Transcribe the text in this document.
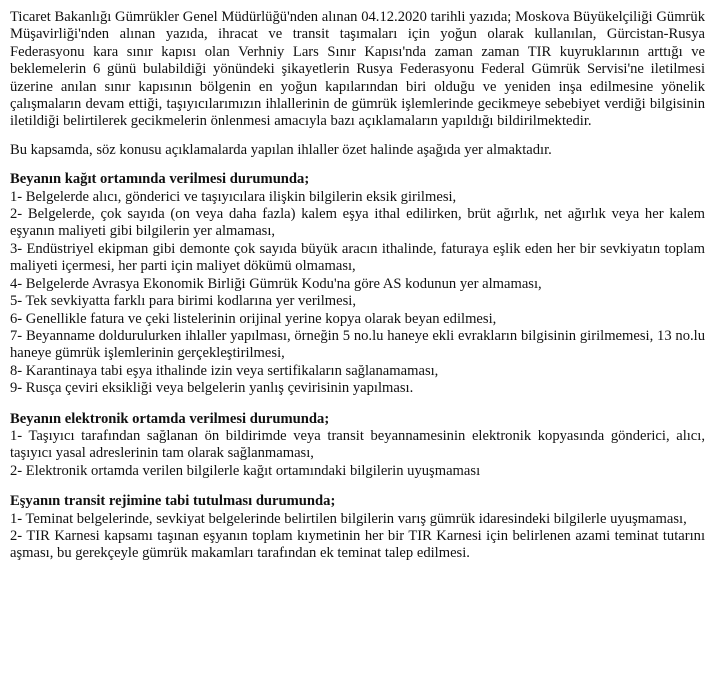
Ticaret Bakanlığı Gümrükler Genel Müdürlüğü'nden alınan 04.12.2020 tarihli yazıda; Moskova Büyükelçiliği Gümrük Müşavirliği'nden alınan yazıda, ihracat ve transit taşımaları için yoğun olarak kullanılan, Gürcistan-Rusya Federasyonu kara sınır kapısı olan Verhniy Lars Sınır Kapısı'nda zaman zaman TIR kuyruklarının arttığı ve beklemelerin 6 günü bulabildiği yönündeki şikayetlerin Rusya Federasyonu Federal Gümrük Servisi'ne iletilmesi üzerine anılan sınır kapısının bölgenin en yoğun kapılarından biri olduğu ve yeniden inşa edilmesine yönelik çalışmaların devam ettiği, taşıyıcılarımızın ihlallerinin de gümrük işlemlerinde gecikmeye sebebiyet verdiği bilgisinin iletildiği belirtilerek gecikmelerin önlenmesi amacıyla bazı açıklamaların yapıldığı bildirilmektedir.

Bu kapsamda, söz konusu açıklamalarda yapılan ihlaller özet halinde aşağıda yer almaktadır.

Beyanın kağıt ortamında verilmesi durumunda;

1- Belgelerde alıcı, gönderici ve taşıyıcılara ilişkin bilgilerin eksik girilmesi,
2- Belgelerde, çok sayıda (on veya daha fazla) kalem eşya ithal edilirken, brüt ağırlık, net ağırlık veya her kalem eşyanın maliyeti gibi bilgilerin yer almaması,
3- Endüstriyel ekipman gibi demonte çok sayıda büyük aracın ithalinde, faturaya eşlik eden her bir sevkiyatın toplam maliyeti içermesi, her parti için maliyet dökümü olmaması,
4- Belgelerde Avrasya Ekonomik Birliği Gümrük Kodu'na göre AS kodunun yer almaması,
5- Tek sevkiyatta farklı para birimi kodlarına yer verilmesi,
6- Genellikle fatura ve çeki listelerinin orijinal yerine kopya olarak beyan edilmesi,
7- Beyanname doldurulurken ihlaller yapılması, örneğin 5 no.lu haneye ekli evrakların bilgisinin girilmemesi, 13 no.lu haneye gümrük işlemlerinin gerçekleştirilmesi,
8- Karantinaya tabi eşya ithalinde izin veya sertifikaların sağlanamaması,
9- Rusça çeviri eksikliği veya belgelerin yanlış çevirisinin yapılması.

Beyanın elektronik ortamda verilmesi durumunda;

1- Taşıyıcı tarafından sağlanan ön bildirimde veya transit beyannamesinin elektronik kopyasında gönderici, alıcı, taşıyıcı yasal adreslerinin tam olarak sağlanmaması,
2- Elektronik ortamda verilen bilgilerle kağıt ortamındaki bilgilerin uyuşmaması

Eşyanın transit rejimine tabi tutulması durumunda;

1- Teminat belgelerinde, sevkiyat belgelerinde belirtilen bilgilerin varış gümrük idaresindeki bilgilerle uyuşmaması,
2- TIR Karnesi kapsamı taşınan eşyanın toplam kıymetinin her bir TIR Karnesi için belirlenen azami teminat tutarını aşması, bu gerekçeyle gümrük makamları tarafından ek teminat talep edilmesi.
